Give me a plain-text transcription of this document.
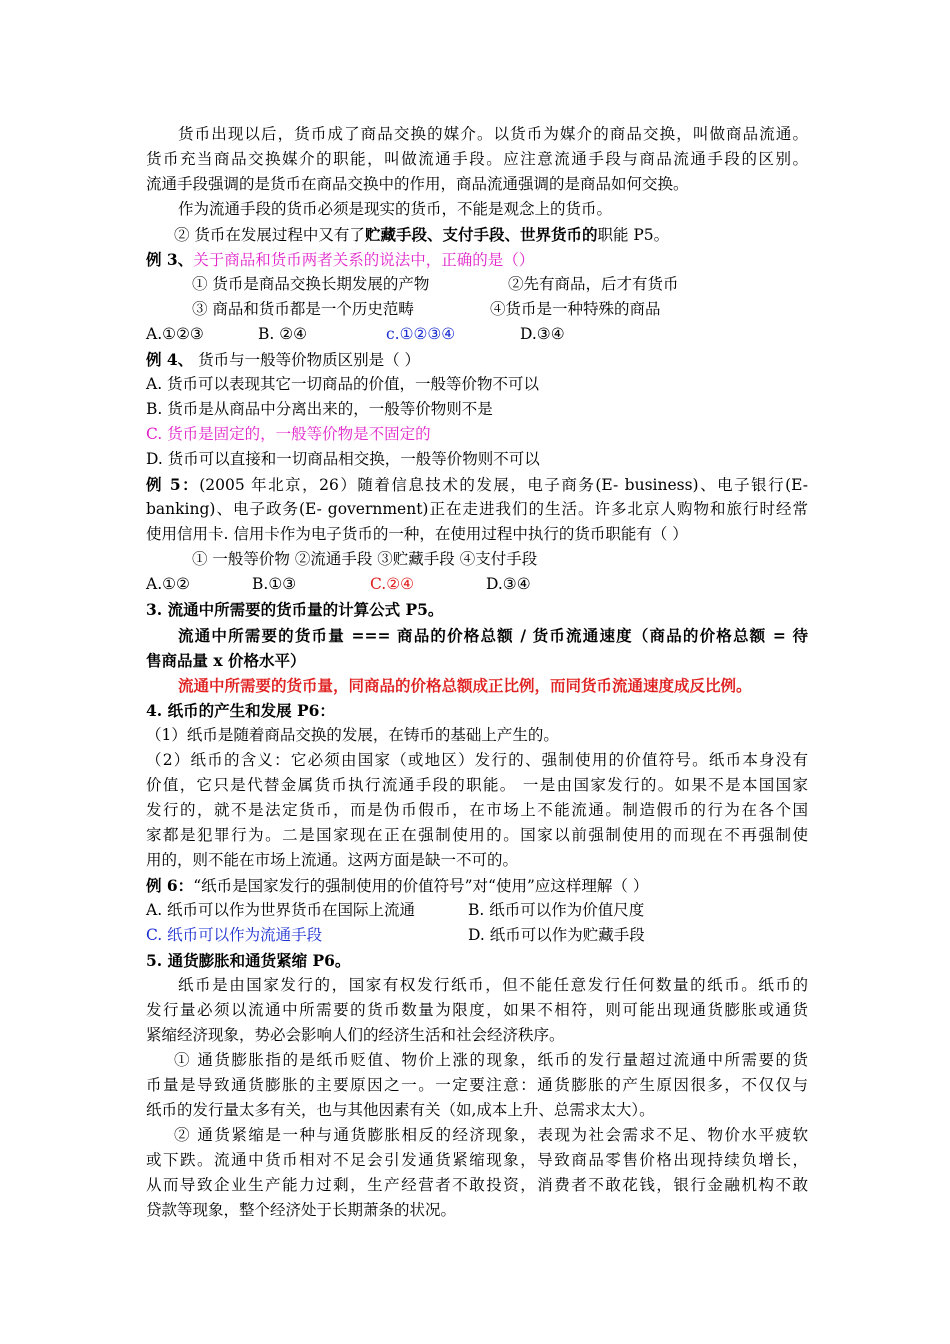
货币出现以后，货币成了商品交换的媒介。以货币为媒介的商品交换，叫做商品流通。
货币充当商品交换媒介的职能，叫做流通手段。应注意流通手段与商品流通手段的区别。
流通手段强调的是货币在商品交换中的作用，商品流通强调的是商品如何交换。
作为流通手段的货币必须是现实的货币，不能是观念上的货币。
② 货币在发展过程中又有了贮藏手段、支付手段、世界货币的职能 P5。
例 3、关于商品和货币两者关系的说法中，正确的是（）
① 货币是商品交换长期发展的产物	②先有商品，后才有货币
③ 商品和货币都是一个历史范畴	④货币是一种特殊的商品
A.①②③	B. ②④	c.①②③④	D.③④
例 4、 货币与一般等价物质区别是（ ）
A. 货币可以表现其它一切商品的价值，一般等价物不可以
B. 货币是从商品中分离出来的，一般等价物则不是
C. 货币是固定的，一般等价物是不固定的
D. 货币可以直接和一切商品相交换，一般等价物则不可以
例 5：(2005 年北京，26）随着信息技术的发展，电子商务(E- business)、电子银行(E-
banking)、电子政务(E- government)正在走进我们的生活。许多北京人购物和旅行时经常
使用信用卡. 信用卡作为电子货币的一种，在使用过程中执行的货币职能有（ ）
① 一般等价物 ②流通手段 ③贮藏手段 ④支付手段
A.①②	B.①③	C.②④	D.③④
3. 流通中所需要的货币量的计算公式 P5。
流通中所需要的货币量 === 商品的价格总额 / 货币流通速度（商品的价格总额 = 待
售商品量 x 价格水平）
流通中所需要的货币量，同商品的价格总额成正比例，而同货币流通速度成反比例。
4. 纸币的产生和发展 P6：
（1）纸币是随着商品交换的发展，在铸币的基础上产生的。
（2）纸币的含义：它必须由国家（或地区）发行的、强制使用的价值符号。纸币本身没有
价值，它只是代替金属货币执行流通手段的职能。 一是由国家发行的。如果不是本国国家
发行的，就不是法定货币，而是伪币假币，在市场上不能流通。制造假币的行为在各个国
家都是犯罪行为。二是国家现在正在强制使用的。国家以前强制使用的而现在不再强制使
用的，则不能在市场上流通。这两方面是缺一不可的。
例 6：“纸币是国家发行的强制使用的价值符号”对“使用”应这样理解（ ）
A. 纸币可以作为世界货币在国际上流通	B. 纸币可以作为价值尺度
C. 纸币可以作为流通手段	D. 纸币可以作为贮藏手段
5. 通货膨胀和通货紧缩 P6。
纸币是由国家发行的，国家有权发行纸币，但不能任意发行任何数量的纸币。纸币的
发行量必须以流通中所需要的货币数量为限度，如果不相符，则可能出现通货膨胀或通货
紧缩经济现象，势必会影响人们的经济生活和社会经济秩序。
① 通货膨胀指的是纸币贬值、物价上涨的现象，纸币的发行量超过流通中所需要的货
币量是导致通货膨胀的主要原因之一。一定要注意：通货膨胀的产生原因很多，不仅仅与
纸币的发行量太多有关，也与其他因素有关（如,成本上升、总需求太大）。
② 通货紧缩是一种与通货膨胀相反的经济现象，表现为社会需求不足、物价水平疲软
或下跌。流通中货币相对不足会引发通货紧缩现象，导致商品零售价格出现持续负增长，
从而导致企业生产能力过剩，生产经营者不敢投资，消费者不敢花钱，银行金融机构不敢
贷款等现象，整个经济处于长期萧条的状况。
